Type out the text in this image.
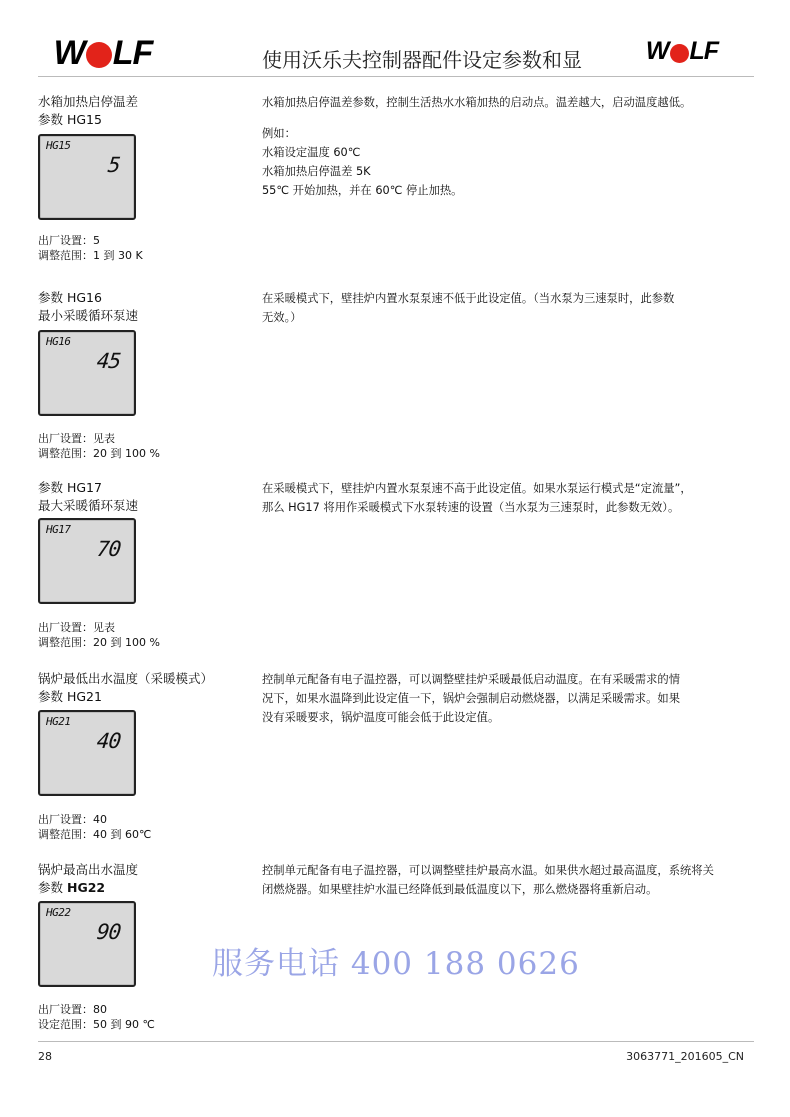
W LF	使用沃乐夫控制器配件设定参数和显	W LF
水箱加热启停温差
参数 HG15
HG15
5
出厂设置：5
调整范围：1 到 30 K

水箱加热启停温差参数，控制生活热水水箱加热的启动点。温差越大，启动温度越低。

例如：

水箱设定温度 60℃

水箱加热启停温差 5K

55℃ 开始加热，并在 60℃ 停止加热。

参数 HG16
最小采暖循环泵速
HG16
45
出厂设置：见表
调整范围：20 到 100 %

在采暖模式下，壁挂炉内置水泵泵速不低于此设定值。（当水泵为三速泵时，此参数

无效。）

参数 HG17
最大采暖循环泵速
HG17
70
出厂设置：见表
调整范围：20 到 100 %

在采暖模式下，壁挂炉内置水泵泵速不高于此设定值。如果水泵运行模式是“定流量”，

那么 HG17 将用作采暖模式下水泵转速的设置（当水泵为三速泵时，此参数无效）。

锅炉最低出水温度（采暖模式）
参数 HG21
HG21
40
出厂设置：40
调整范围：40 到 60℃

控制单元配备有电子温控器，可以调整壁挂炉采暖最低启动温度。在有采暖需求的情

况下，如果水温降到此设定值一下，锅炉会强制启动燃烧器，以满足采暖需求。如果

没有采暖要求，锅炉温度可能会低于此设定值。

锅炉最高出水温度
参数 HG22
HG22
90
出厂设置：80
设定范围：50 到 90 ℃

控制单元配备有电子温控器，可以调整壁挂炉最高水温。如果供水超过最高温度，系统将关

闭燃烧器。如果壁挂炉水温已经降低到最低温度以下，那么燃烧器将重新启动。

服务电话 400 188 0626
28	3063771_201605_CN
